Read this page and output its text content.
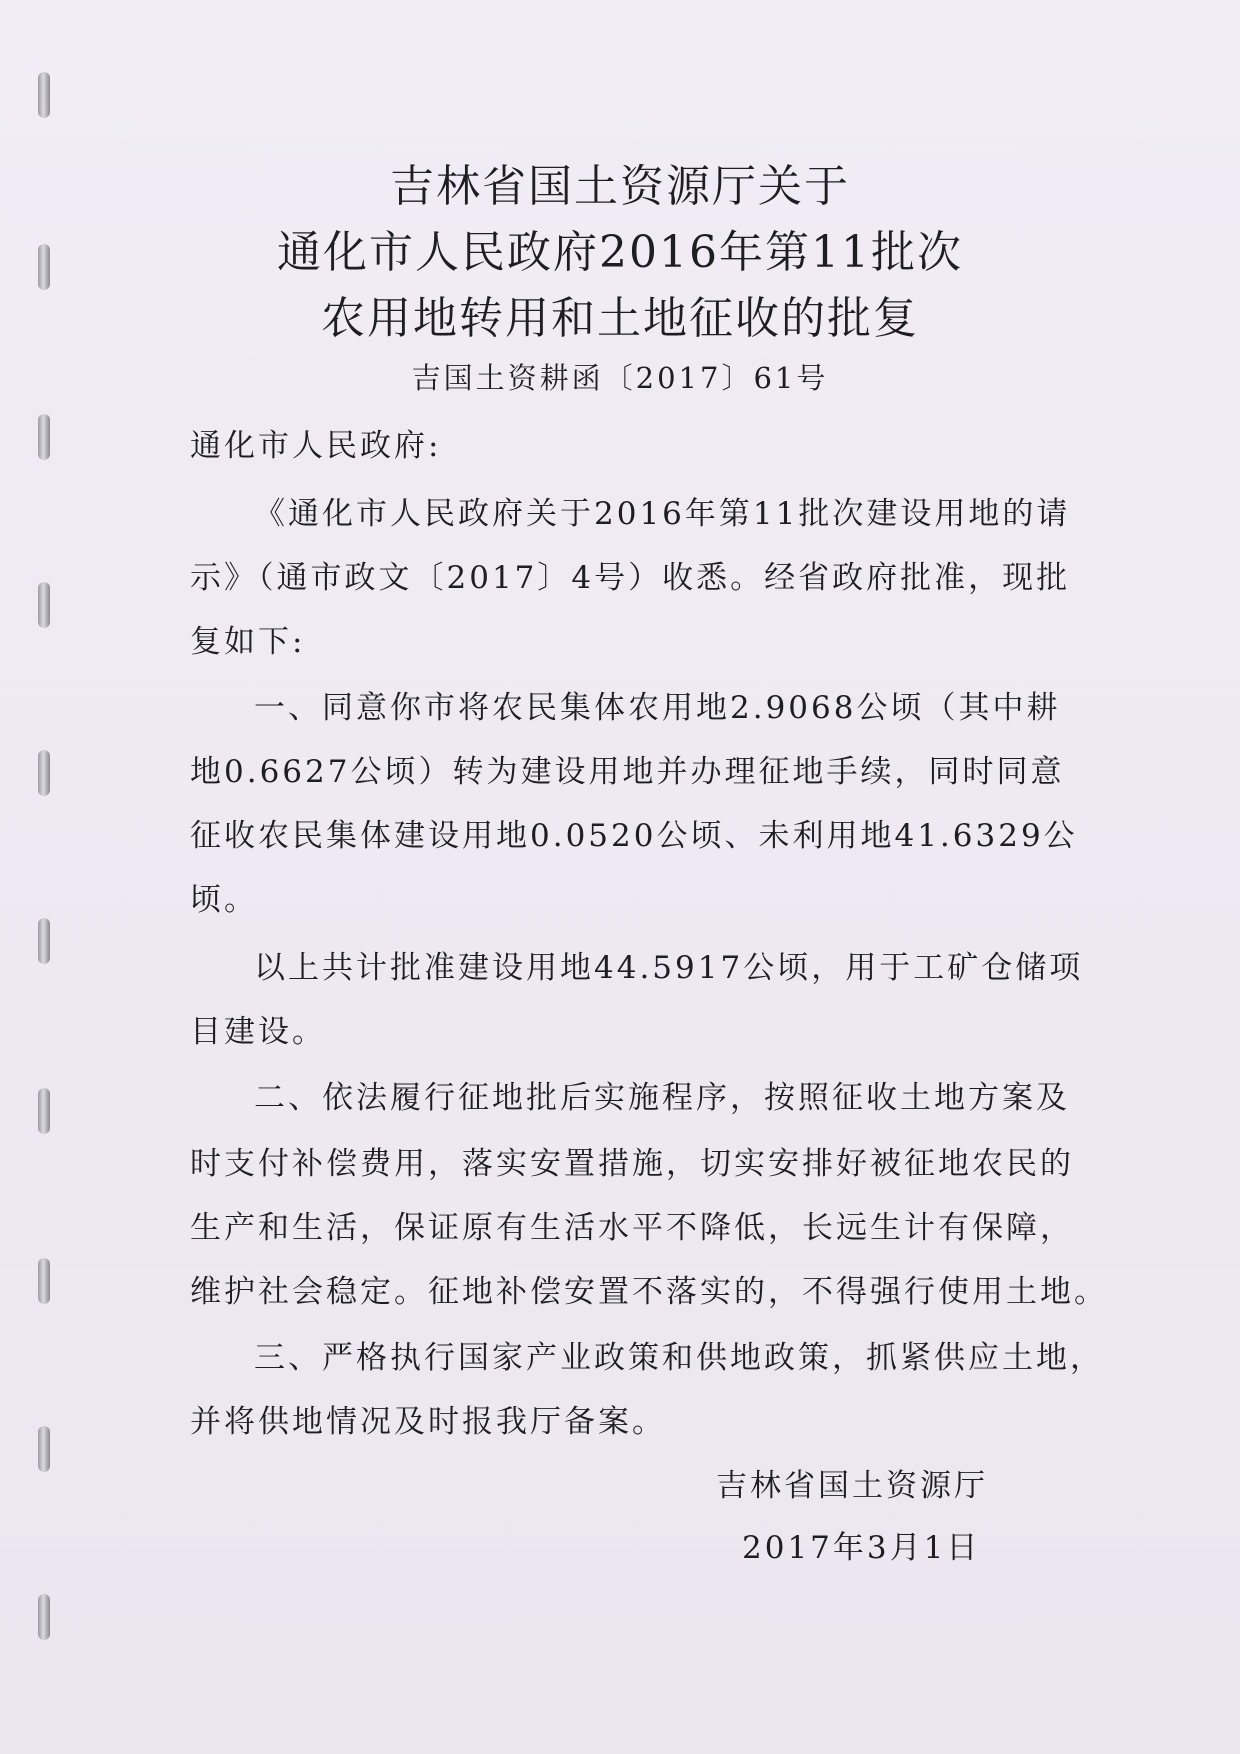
吉林省国土资源厅关于
通化市人民政府2016年第11批次
农用地转用和土地征收的批复
吉国土资耕函〔2017〕61号
通化市人民政府:
《通化市人民政府关于2016年第11批次建设用地的请
示》（通市政文〔2017〕4号）收悉。经省政府批准，现批
复如下:
一、同意你市将农民集体农用地2.9068公顷（其中耕
地0.6627公顷）转为建设用地并办理征地手续，同时同意
征收农民集体建设用地0.0520公顷、未利用地41.6329公
顷。
以上共计批准建设用地44.5917公顷，用于工矿仓储项
目建设。
二、依法履行征地批后实施程序，按照征收土地方案及
时支付补偿费用，落实安置措施，切实安排好被征地农民的
生产和生活，保证原有生活水平不降低，长远生计有保障，
维护社会稳定。征地补偿安置不落实的，不得强行使用土地。
三、严格执行国家产业政策和供地政策，抓紧供应土地，
并将供地情况及时报我厅备案。
吉林省国土资源厅
2017年3月1日
